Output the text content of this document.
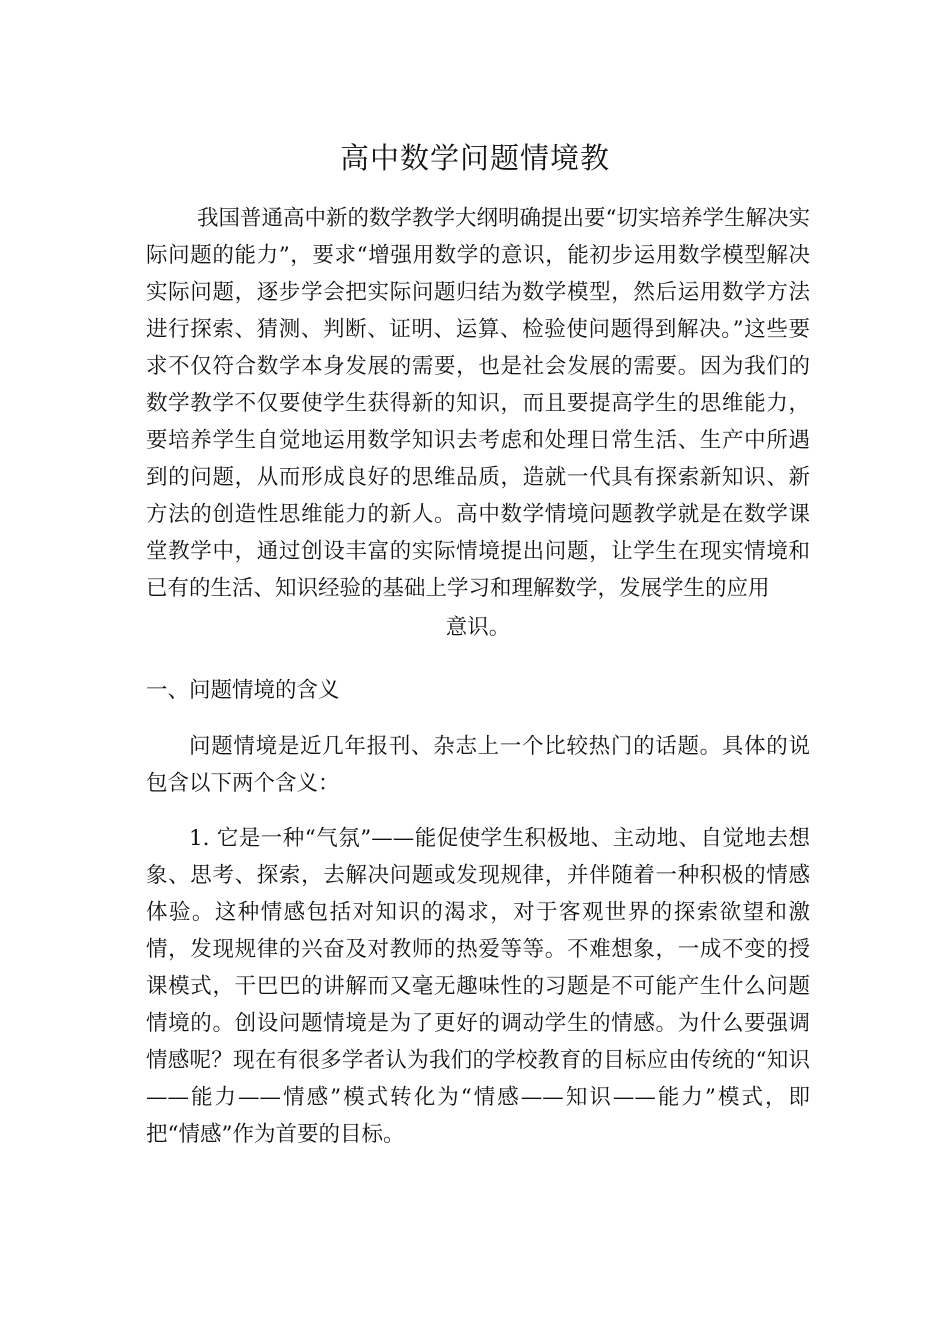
高中数学问题情境教

我国普通高中新的数学教学大纲明确提出要“切实培养学生解决实际问题的能力”，要求“增强用数学的意识，能初步运用数学模型解决实际问题，逐步学会把实际问题归结为数学模型，然后运用数学方法进行探索、猜测、判断、证明、运算、检验使问题得到解决。”这些要求不仅符合数学本身发展的需要，也是社会发展的需要。因为我们的数学教学不仅要使学生获得新的知识，而且要提高学生的思维能力，要培养学生自觉地运用数学知识去考虑和处理日常生活、生产中所遇到的问题，从而形成良好的思维品质，造就一代具有探索新知识、新方法的创造性思维能力的新人。高中数学情境问题教学就是在数学课堂教学中，通过创设丰富的实际情境提出问题，让学生在现实情境和已有的生活、知识经验的基础上学习和理解数学，发展学生的应用

意识。

一、问题情境的含义

问题情境是近几年报刊、杂志上一个比较热门的话题。具体的说包含以下两个含义：

1. 它是一种“气氛”——能促使学生积极地、主动地、自觉地去想象、思考、探索，去解决问题或发现规律，并伴随着一种积极的情感体验。这种情感包括对知识的渴求，对于客观世界的探索欲望和激情，发现规律的兴奋及对教师的热爱等等。不难想象，一成不变的授课模式，干巴巴的讲解而又毫无趣味性的习题是不可能产生什么问题情境的。创设问题情境是为了更好的调动学生的情感。为什么要强调情感呢？现在有很多学者认为我们的学校教育的目标应由传统的“知识——能力——情感”模式转化为“情感——知识——能力”模式，即把“情感”作为首要的目标。
